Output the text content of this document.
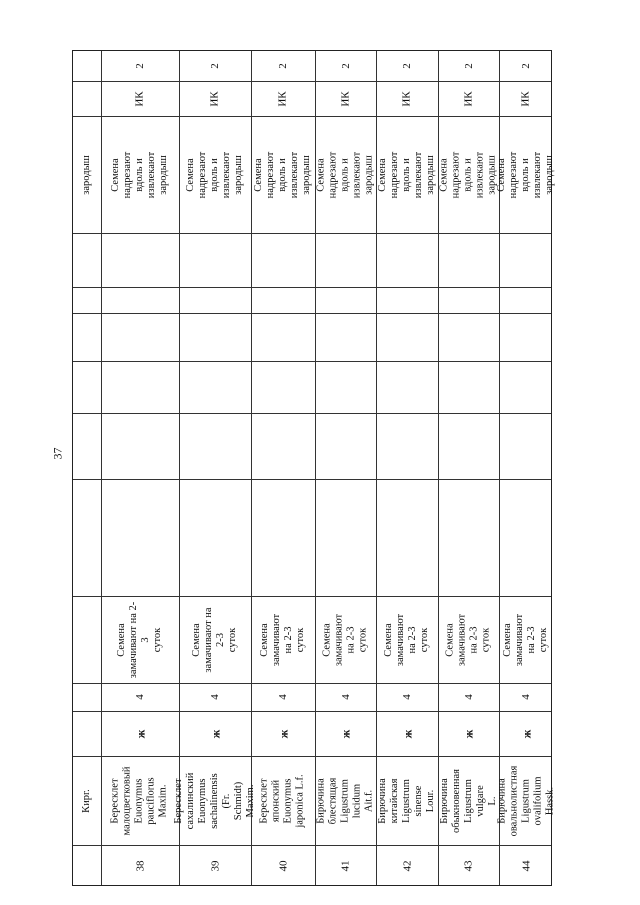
37
Кирг.
зародыш
38
Бересклет
малоцветковый
Euonymus
pauciflorus
Maxim.
ж
4
Семена замачивают на 2-3
суток
Семена надрезают
вдоль и извлекают
зародыш
ИК
2
39
Бересклет
сахалинский
Euonymus
sachalinensis (Fr.
Schmidt) Maxim.
ж
4
Семена замачивают на 2-3
суток
Семена надрезают
вдоль и извлекают
зародыш
ИК
2
40
Бересклет
японский
Euonymus
japonica L.f.
ж
4
Семена замачивают на 2-3
суток
Семена надрезают
вдоль и извлекают
зародыш
ИК
2
41
Бирючина
блестящая
Ligustrum lucidum
Ait.f.
ж
4
Семена замачивают на 2-3
суток
Семена надрезают
вдоль и извлекают
зародыш
ИК
2
42
Бирючина
китайская
Ligustrum sinense
Lour.
ж
4
Семена замачивают на 2-3
суток
Семена надрезают
вдоль и извлекают
зародыш
ИК
2
43
Бирючина
обыкновенная
Ligustrum vulgare
L.
ж
4
Семена замачивают на 2-3
суток
Семена надрезают
вдоль и извлекают
зародыш
ИК
2
44
Бирючина
овальнолистная
Ligustrum
ovalifolium Hassk.
ж
4
Семена замачивают на 2-3
суток
Семена надрезают
вдоль и извлекают
зародыш
ИК
2
